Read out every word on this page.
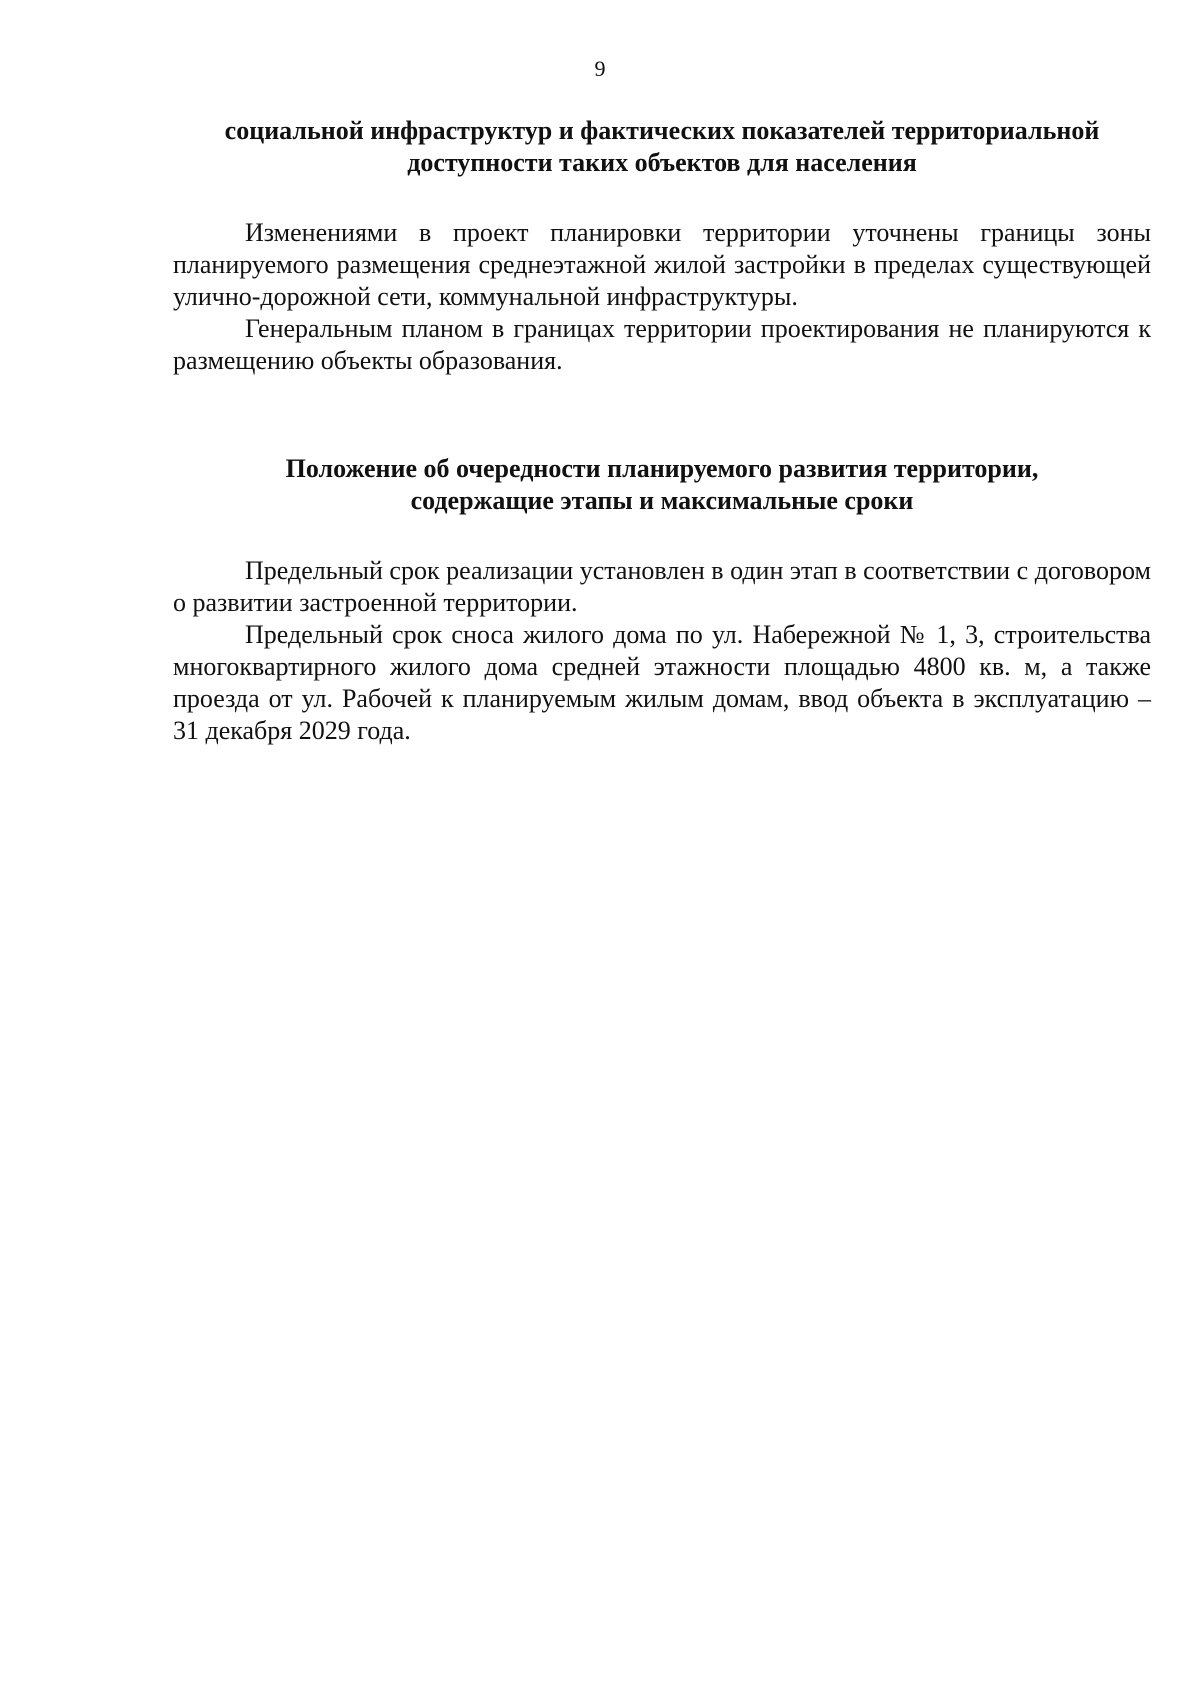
9
социальной инфраструктур и фактических показателей территориальной
доступности таких объектов для населения

Изменениями в проект планировки территории уточнены границы зоны планируемого размещения среднеэтажной жилой застройки в пределах существующей улично-дорожной сети, коммунальной инфраструктуры.

Генеральным планом в границах территории проектирования не планируются к размещению объекты образования.

Положение об очередности планируемого развития территории,
содержащие этапы и максимальные сроки

Предельный срок реализации установлен в один этап в соответствии с договором о развитии застроенной территории.

Предельный срок сноса жилого дома по ул. Набережной № 1, 3, строительства многоквартирного жилого дома средней этажности площадью 4800 кв. м, а также проезда от ул. Рабочей к планируемым жилым домам, ввод объекта в эксплуатацию – 31 декабря 2029 года.
